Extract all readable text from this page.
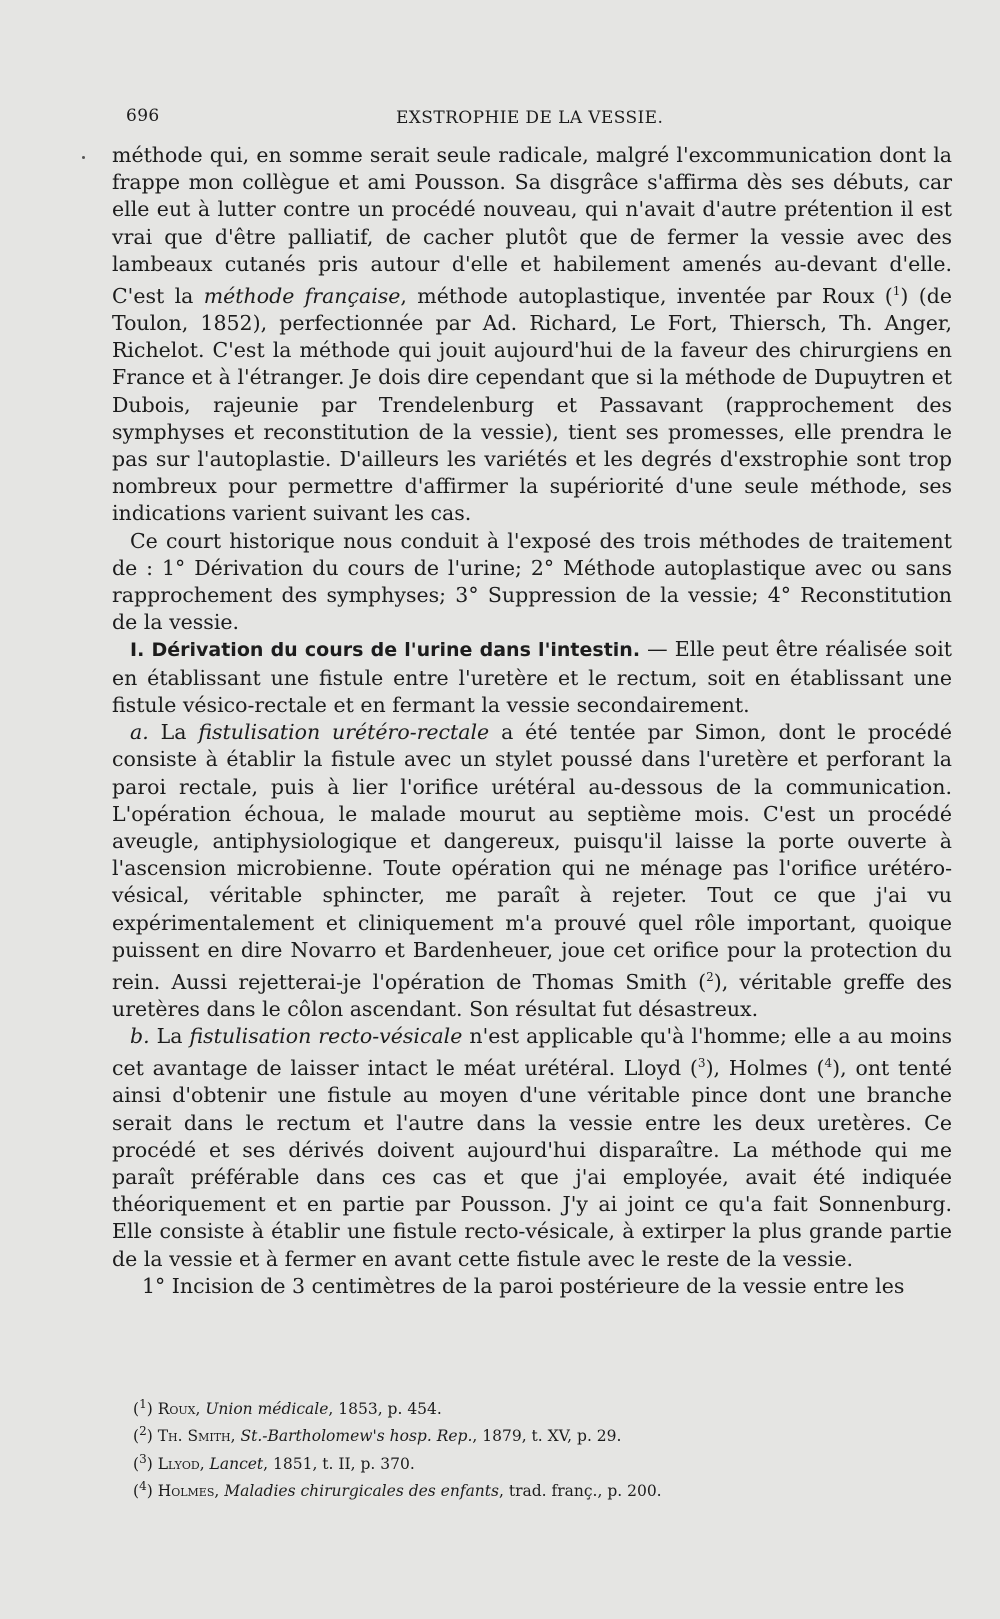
696	EXSTROPHIE DE LA VESSIE.

méthode qui, en somme serait seule radicale, malgré l'excommunication dont la frappe mon collègue et ami Pousson. Sa disgrâce s'affirma dès ses débuts, car elle eut à lutter contre un procédé nouveau, qui n'avait d'autre prétention il est vrai que d'être palliatif, de cacher plutôt que de fermer la vessie avec des lambeaux cutanés pris autour d'elle et habilement amenés au-devant d'elle. C'est la méthode française, méthode autoplastique, inventée par Roux ($^1$) (de Toulon, 1852), perfectionnée par Ad. Richard, Le Fort, Thiersch, Th. Anger, Richelot. C'est la méthode qui jouit aujourd'hui de la faveur des chirurgiens en France et à l'étranger. Je dois dire cependant que si la méthode de Dupuytren et Dubois, rajeunie par Trendelenburg et Passavant (rapprochement des symphyses et reconstitution de la vessie), tient ses promesses, elle prendra le pas sur l'autoplastie. D'ailleurs les variétés et les degrés d'exstrophie sont trop nombreux pour permettre d'affirmer la supériorité d'une seule méthode, ses indications varient suivant les cas.

Ce court historique nous conduit à l'exposé des trois méthodes de traitement de : 1° Dérivation du cours de l'urine; 2° Méthode autoplastique avec ou sans rapprochement des symphyses; 3° Suppression de la vessie; 4° Reconstitution de la vessie.

I. Dérivation du cours de l'urine dans l'intestin. — Elle peut être réalisée soit en établissant une fistule entre l'uretère et le rectum, soit en établissant une fistule vésico-rectale et en fermant la vessie secondairement.

a. La fistulisation urétéro-rectale a été tentée par Simon, dont le procédé consiste à établir la fistule avec un stylet poussé dans l'uretère et perforant la paroi rectale, puis à lier l'orifice urétéral au-dessous de la communication. L'opération échoua, le malade mourut au septième mois. C'est un procédé aveugle, antiphysiologique et dangereux, puisqu'il laisse la porte ouverte à l'ascension microbienne. Toute opération qui ne ménage pas l'orifice urétéro-vésical, véritable sphincter, me paraît à rejeter. Tout ce que j'ai vu expérimentalement et cliniquement m'a prouvé quel rôle important, quoique puissent en dire Novarro et Bardenheuer, joue cet orifice pour la protection du rein. Aussi rejetterai-je l'opération de Thomas Smith ($^2$), véritable greffe des uretères dans le côlon ascendant. Son résultat fut désastreux.

b. La fistulisation recto-vésicale n'est applicable qu'à l'homme; elle a au moins cet avantage de laisser intact le méat urétéral. Lloyd ($^3$), Holmes ($^4$), ont tenté ainsi d'obtenir une fistule au moyen d'une véritable pince dont une branche serait dans le rectum et l'autre dans la vessie entre les deux uretères. Ce procédé et ses dérivés doivent aujourd'hui disparaître. La méthode qui me paraît préférable dans ces cas et que j'ai employée, avait été indiquée théoriquement et en partie par Pousson. J'y ai joint ce qu'a fait Sonnenburg. Elle consiste à établir une fistule recto-vésicale, à extirper la plus grande partie de la vessie et à fermer en avant cette fistule avec le reste de la vessie.

1° Incision de 3 centimètres de la paroi postérieure de la vessie entre les

($^1$) Roux, Union médicale, 1853, p. 454.

($^2$) Th. Smith, St.-Bartholomew's hosp. Rep., 1879, t. XV, p. 29.

($^3$) Llyod, Lancet, 1851, t. II, p. 370.

($^4$) Holmes, Maladies chirurgicales des enfants, trad. franç., p. 200.
